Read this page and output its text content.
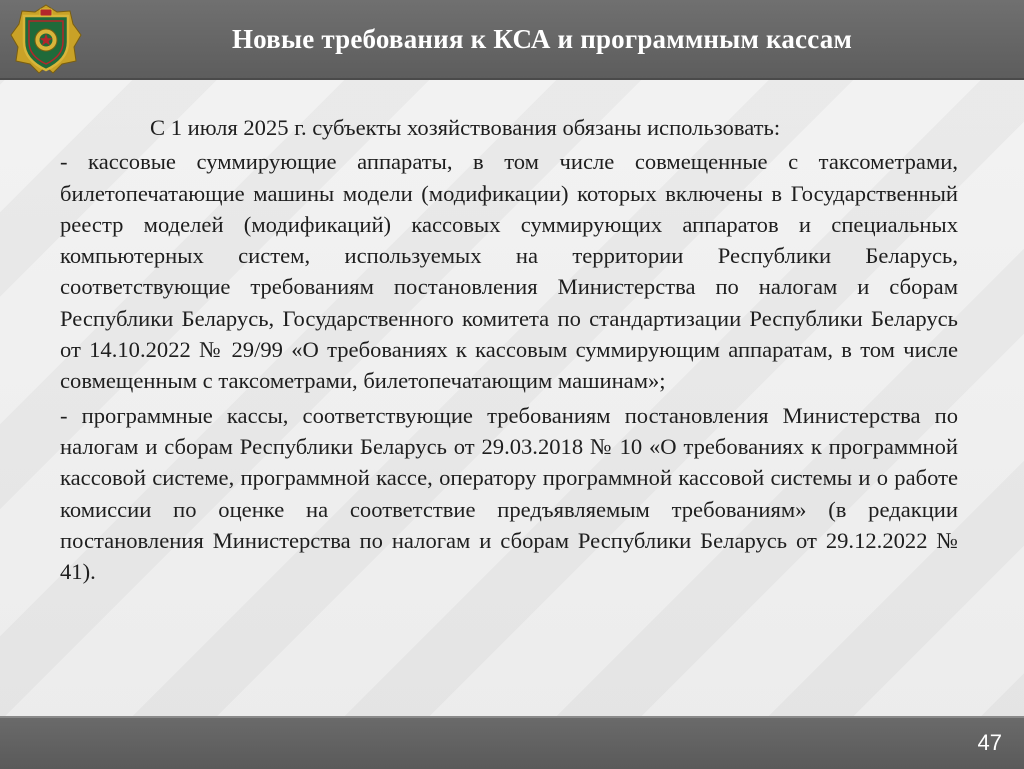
Новые требования к КСА и программным кассам

С 1 июля 2025 г. субъекты хозяйствования обязаны использовать:

- кассовые суммирующие аппараты, в том числе совмещенные с таксометрами, билетопечатающие машины модели (модификации) которых включены в Государственный реестр моделей (модификаций) кассовых суммирующих аппаратов и специальных компьютерных систем, используемых на территории Республики Беларусь, соответствующие требованиям постановления Министерства по налогам и сборам Республики Беларусь, Государственного комитета по стандартизации Республики Беларусь от 14.10.2022 № 29/99 «О требованиях к кассовым суммирующим аппаратам, в том числе совмещенным с таксометрами, билетопечатающим машинам»;

- программные кассы, соответствующие требованиям постановления Министерства по налогам и сборам Республики Беларусь от 29.03.2018 № 10 «О требованиях к программной кассовой системе, программной кассе, оператору программной кассовой системы и о работе комиссии по оценке на соответствие предъявляемым требованиям» (в редакции постановления Министерства по налогам и сборам Республики Беларусь от 29.12.2022 № 41).

47
